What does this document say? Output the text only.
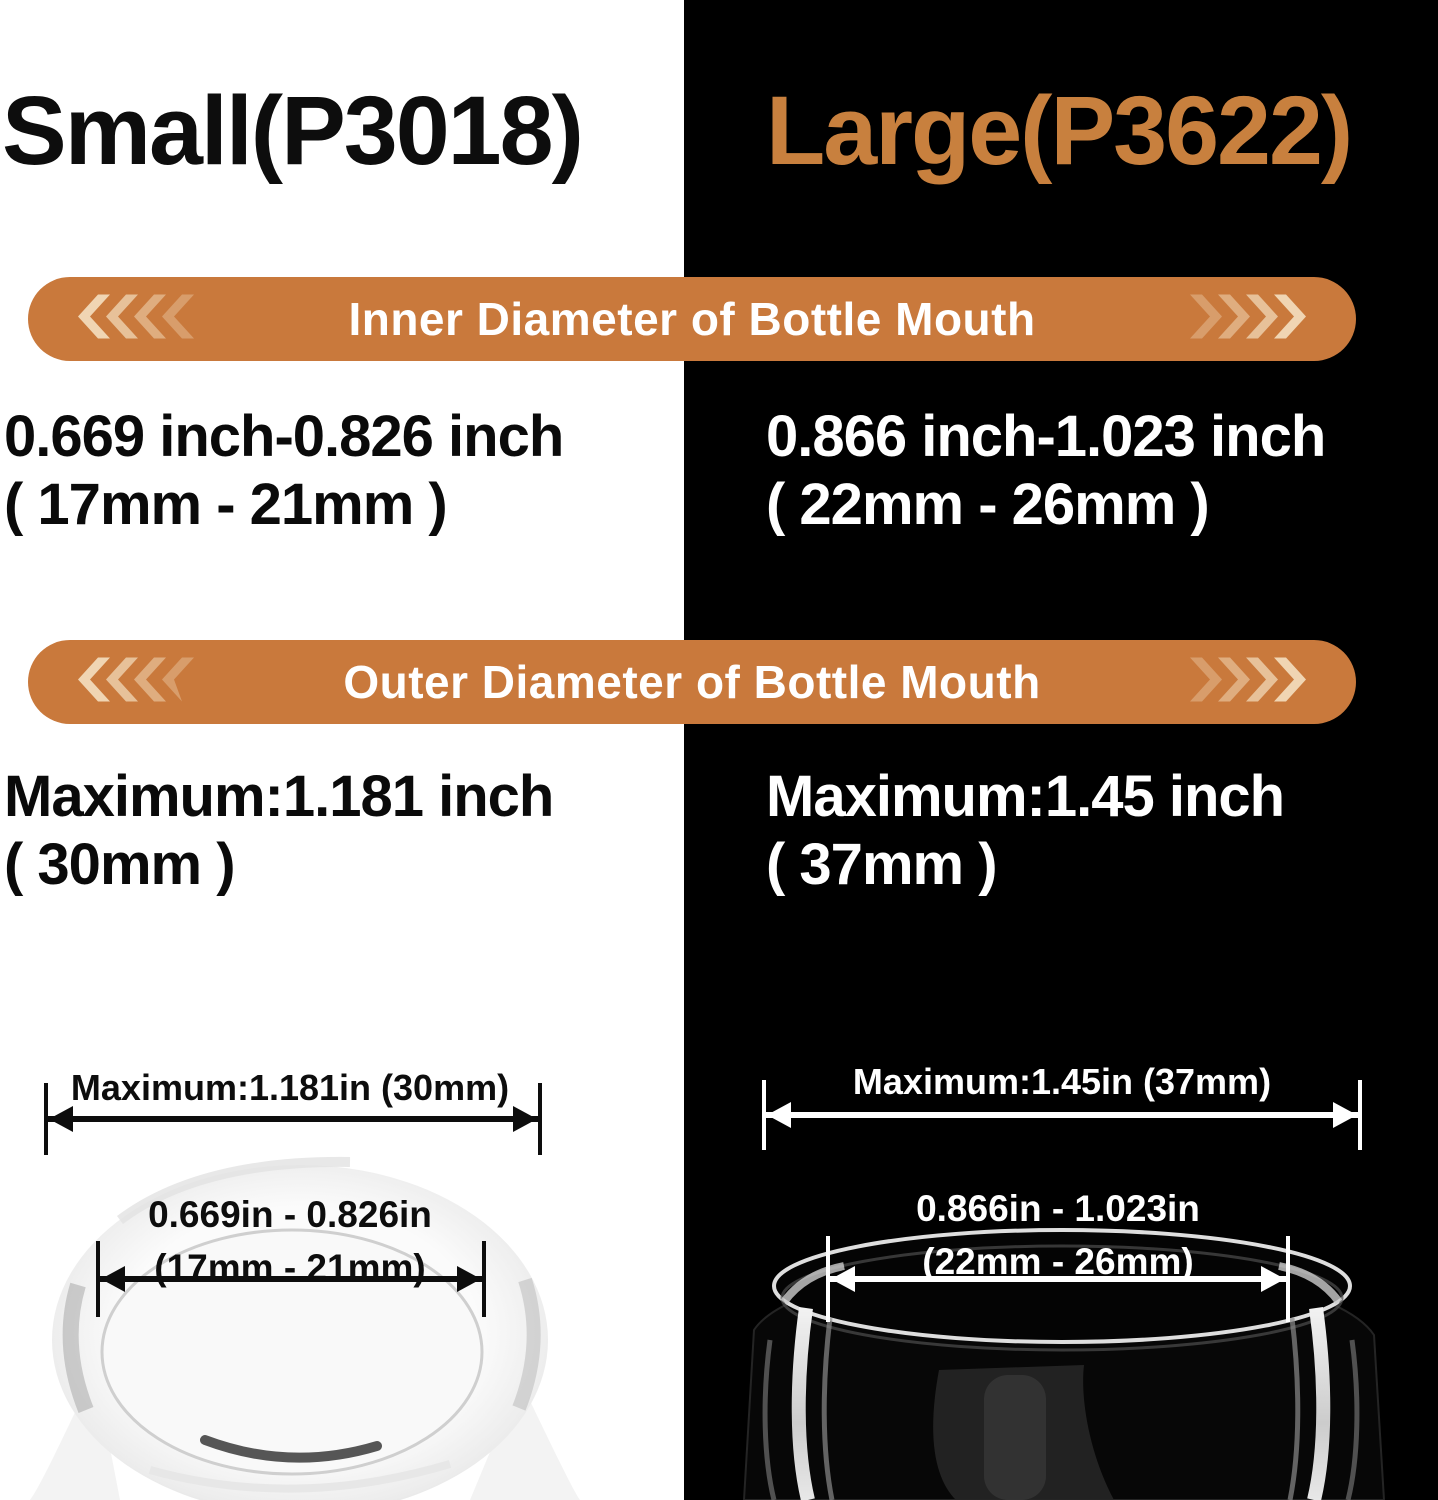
Small(P3018) Large(P3622)
Inner Diameter of Bottle Mouth
0.669 inch-0.826 inch
( 17mm - 21mm )
0.866 inch-1.023 inch
( 22mm - 26mm )
Outer Diameter of Bottle Mouth
Maximum:1.181 inch
( 30mm )
Maximum:1.45 inch
( 37mm )
Maximum:1.181in (30mm)
0.669in - 0.826in
(17mm - 21mm)
Maximum:1.45in (37mm)
0.866in - 1.023in
(22mm - 26mm)
